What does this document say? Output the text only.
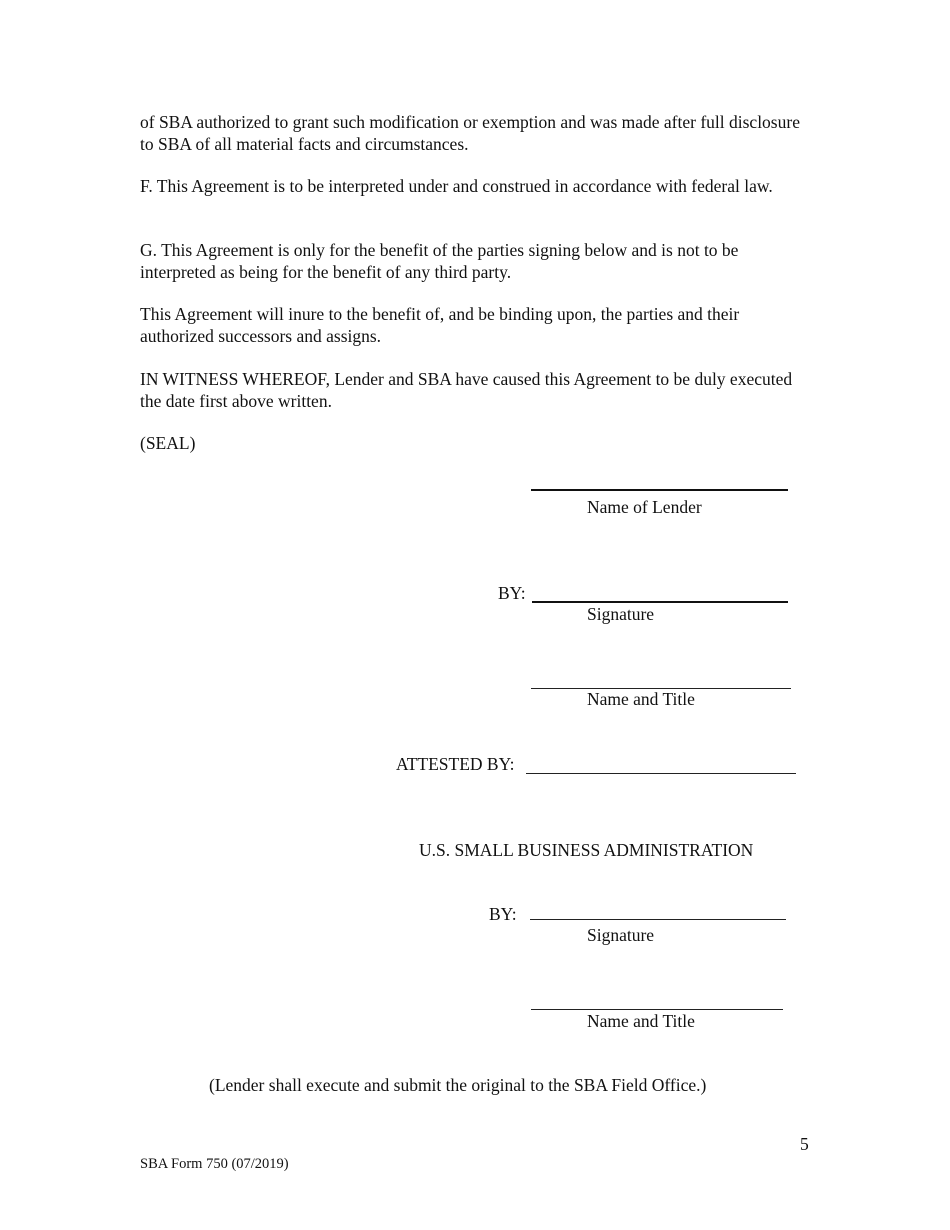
of SBA authorized to grant such modification or exemption and was made after full disclosure to SBA of all material facts and circumstances.

F. This Agreement is to be interpreted under and construed in accordance with federal law.

G. This Agreement is only for the benefit of the parties signing below and is not to be interpreted as being for the benefit of any third party.

This Agreement will inure to the benefit of, and be binding upon, the parties and their authorized successors and assigns.

IN WITNESS WHEREOF, Lender and SBA have caused this Agreement to be duly executed the date first above written.

(SEAL)
Name of Lender
BY:
Signature
Name and Title
ATTESTED BY:
U.S. SMALL BUSINESS ADMINISTRATION
BY:
Signature
Name and Title
(Lender shall execute and submit the original to the SBA Field Office.)
5
SBA Form 750 (07/2019)
